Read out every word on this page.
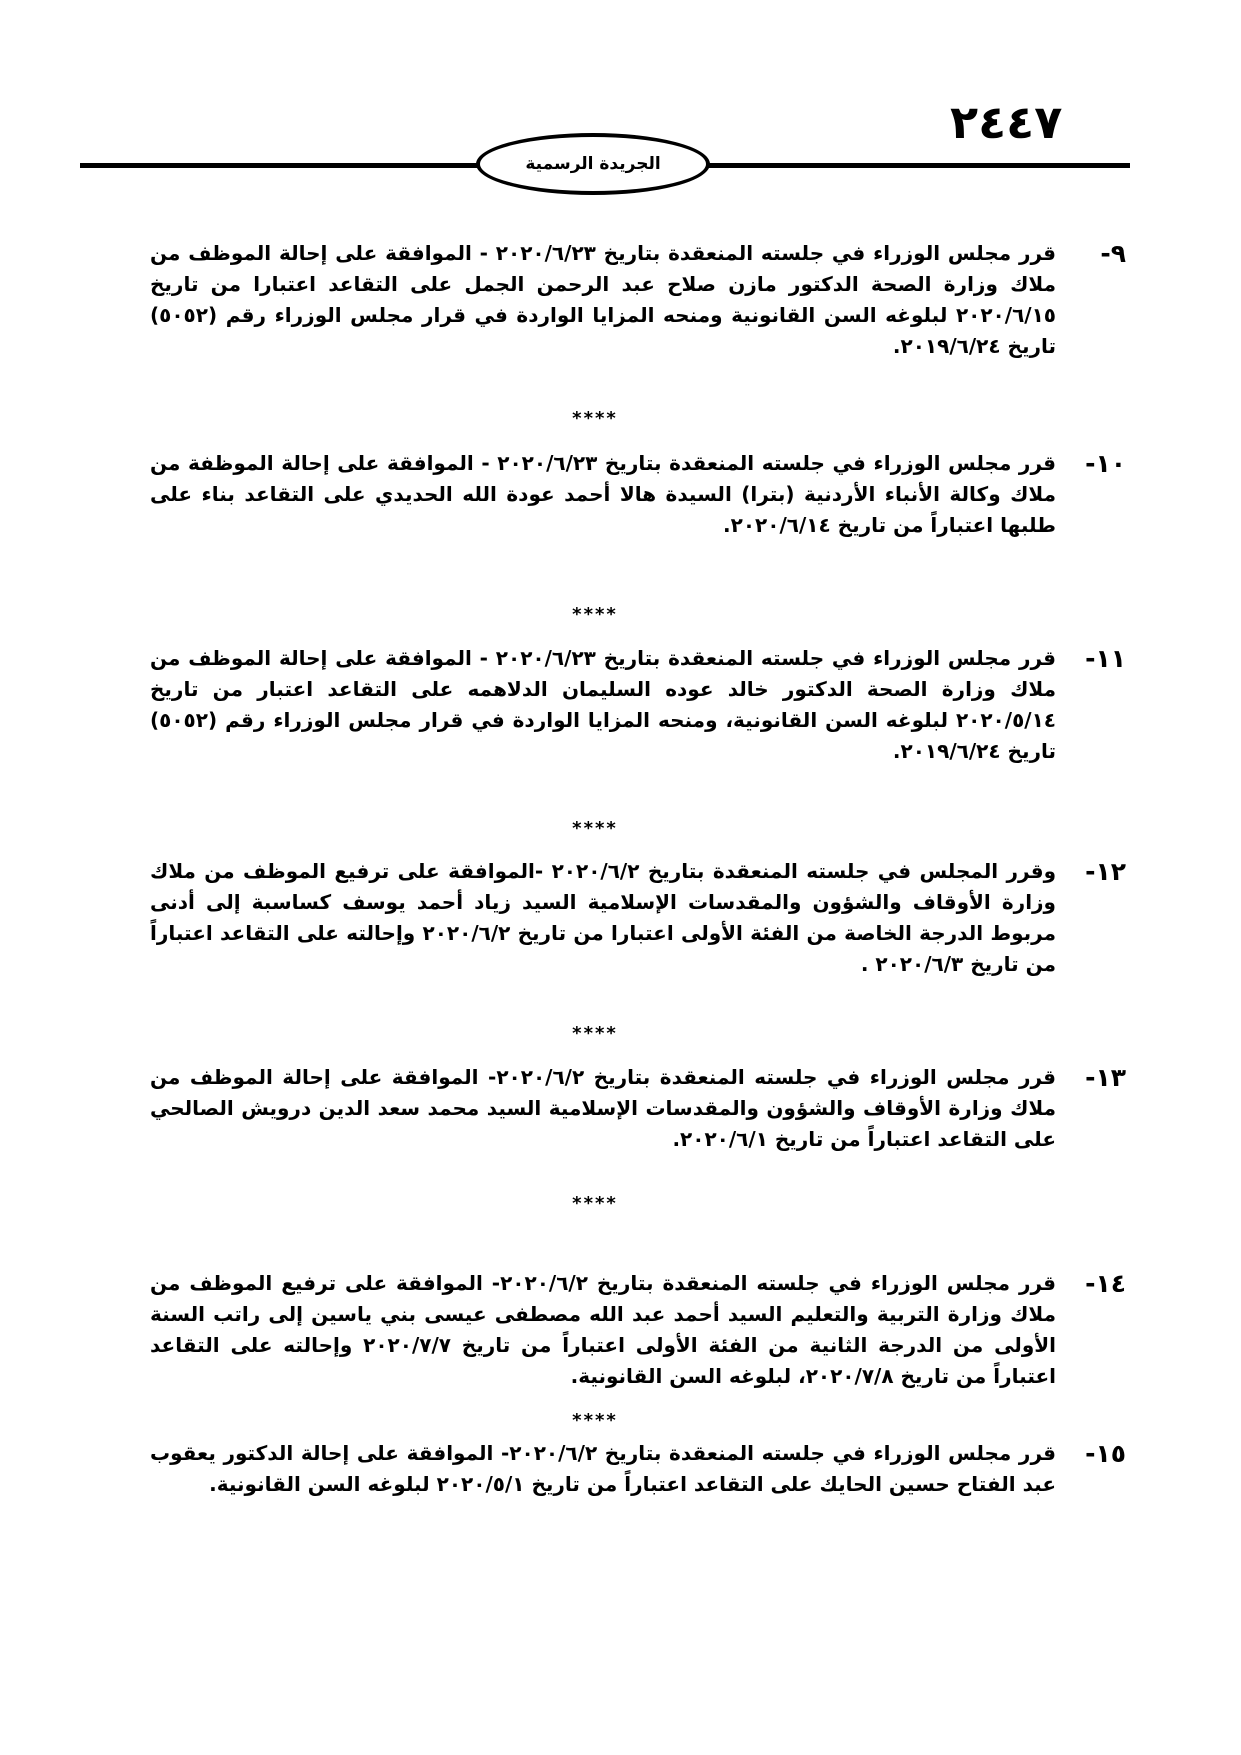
٢٤٤٧
الجريدة الرسمية
٩-
قرر مجلس الوزراء في جلسته المنعقدة بتاريخ ٢٠٢٠/٦/٢٣ - الموافقة على إحالة الموظف من ملاك وزارة الصحة الدكتور مازن صلاح عبد الرحمن الجمل على التقاعد اعتبارا من تاريخ ٢٠٢٠/٦/١٥ لبلوغه السن القانونية ومنحه المزايا الواردة في قرار مجلس الوزراء رقم (٥٠٥٢) تاريخ ٢٠١٩/٦/٢٤.
****
١٠-
قرر مجلس الوزراء في جلسته المنعقدة بتاريخ ٢٠٢٠/٦/٢٣ - الموافقة على إحالة الموظفة من ملاك وكالة الأنباء الأردنية (بترا) السيدة هالا أحمد عودة الله الحديدي على التقاعد بناء على طلبها اعتباراً من تاريخ ٢٠٢٠/٦/١٤.
****
١١-
قرر مجلس الوزراء في جلسته المنعقدة بتاريخ ٢٠٢٠/٦/٢٣ - الموافقة على إحالة الموظف من ملاك وزارة الصحة الدكتور خالد عوده السليمان الدلاهمه على التقاعد اعتبار من تاريخ ٢٠٢٠/٥/١٤ لبلوغه السن القانونية، ومنحه المزايا الواردة في قرار مجلس الوزراء رقم (٥٠٥٢) تاريخ ٢٠١٩/٦/٢٤.
****
١٢-
وقرر المجلس في جلسته المنعقدة بتاريخ ٢٠٢٠/٦/٢ -الموافقة على ترفيع الموظف من ملاك وزارة الأوقاف والشؤون والمقدسات الإسلامية السيد زياد أحمد يوسف كساسبة إلى أدنى مربوط الدرجة الخاصة من الفئة الأولى اعتبارا من تاريخ ٢٠٢٠/٦/٢ وإحالته على التقاعد اعتباراً من تاريخ ٢٠٢٠/٦/٣ .
****
١٣-
قرر مجلس الوزراء في جلسته المنعقدة بتاريخ ٢٠٢٠/٦/٢- الموافقة على إحالة الموظف من ملاك وزارة الأوقاف والشؤون والمقدسات الإسلامية السيد محمد سعد الدين درويش الصالحي على التقاعد اعتباراً من تاريخ ٢٠٢٠/٦/١.
****
١٤-
قرر مجلس الوزراء في جلسته المنعقدة بتاريخ ٢٠٢٠/٦/٢- الموافقة على ترفيع الموظف من ملاك وزارة التربية والتعليم السيد أحمد عبد الله مصطفى عيسى بني ياسين إلى راتب السنة الأولى من الدرجة الثانية من الفئة الأولى اعتباراً من تاريخ ٢٠٢٠/٧/٧ وإحالته على التقاعد اعتباراً من تاريخ ٢٠٢٠/٧/٨، لبلوغه السن القانونية.
****
١٥-
قرر مجلس الوزراء في جلسته المنعقدة بتاريخ ٢٠٢٠/٦/٢- الموافقة على إحالة الدكتور يعقوب عبد الفتاح حسين الحايك على التقاعد اعتباراً من تاريخ ٢٠٢٠/٥/١ لبلوغه السن القانونية.
